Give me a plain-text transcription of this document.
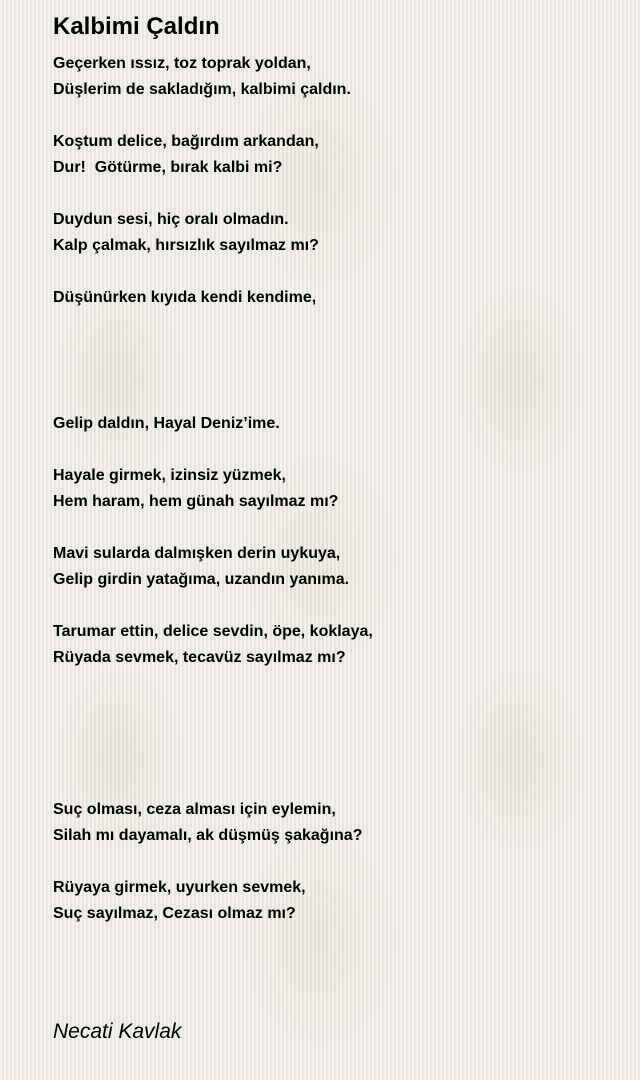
Kalbimi Çaldın

Geçerken ıssız, toz toprak yoldan,

Düşlerim de sakladığım, kalbimi çaldın.

Koştum delice, bağırdım arkandan,

Dur!  Götürme, bırak kalbi mi?

Duydun sesi, hiç oralı olmadın.

Kalp çalmak, hırsızlık sayılmaz mı?

Düşünürken kıyıda kendi kendime,

Gelip daldın, Hayal Deniz’ime.

Hayale girmek, izinsiz yüzmek,

Hem haram, hem günah sayılmaz mı?

Mavi sularda dalmışken derin uykuya,

Gelip girdin yatağıma, uzandın yanıma.

Tarumar ettin, delice sevdin, öpe, koklaya,

Rüyada sevmek, tecavüz sayılmaz mı?

Suç olması, ceza alması için eylemin,

Silah mı dayamalı, ak düşmüş şakağına?

Rüyaya girmek, uyurken sevmek,

Suç sayılmaz, Cezası olmaz mı?

Necati Kavlak
